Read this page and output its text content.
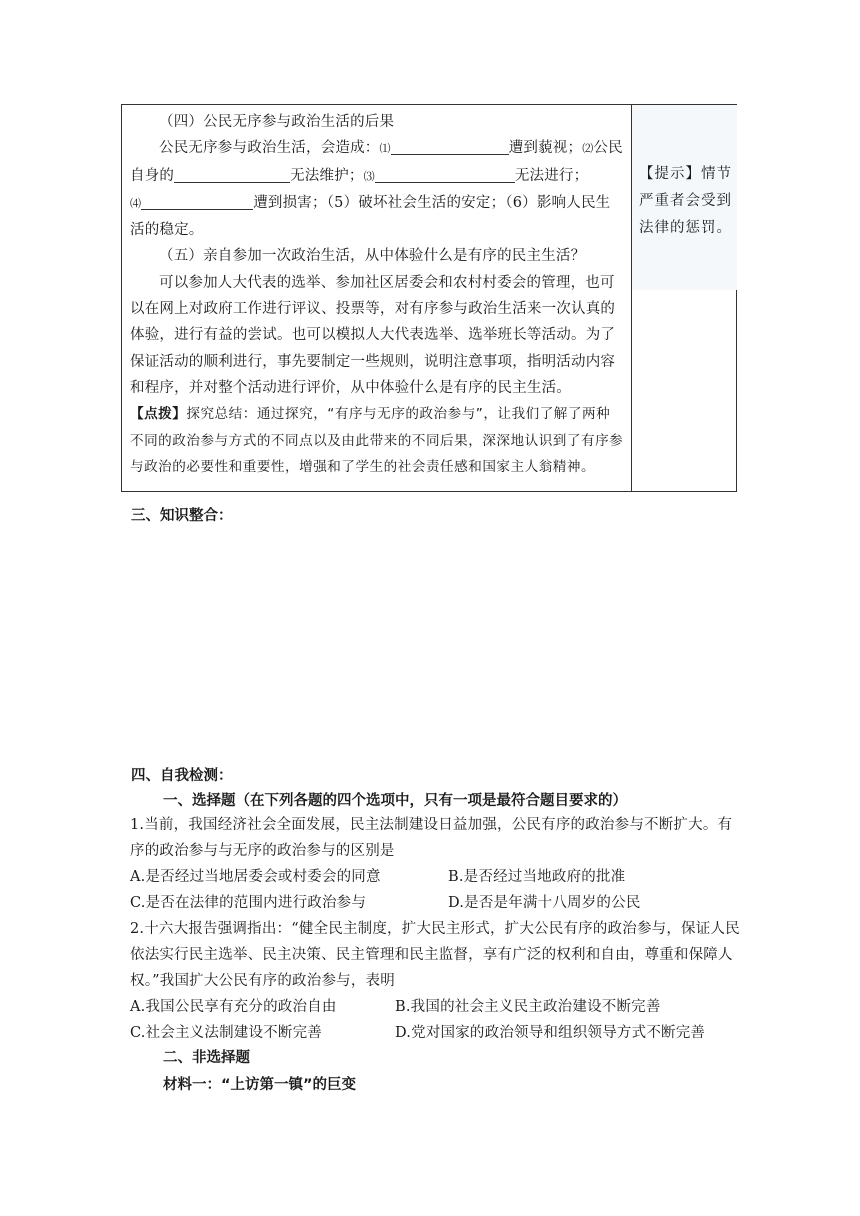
（四）公民无序参与政治生活的后果

公民无序参与政治生活，会造成：⑴	遭到藐视；⑵公民自身的	无法维护；⑶	无法进行；
⑷	遭到损害；（5）破坏社会生活的安定；（6）影响人民生活的稳定。

（五）亲自参加一次政治生活，从中体验什么是有序的民主生活？

可以参加人大代表的选举、参加社区居委会和农村村委会的管理，也可以在网上对政府工作进行评议、投票等，对有序参与政治生活来一次认真的体验，进行有益的尝试。也可以模拟人大代表选举、选举班长等活动。为了保证活动的顺利进行，事先要制定一些规则，说明注意事项，指明活动内容和程序，并对整个活动进行评价，从中体验什么是有序的民主生活。

【点拨】探究总结：通过探究，“有序与无序的政治参与”，让我们了解了两种不同的政治参与方式的不同点以及由此带来的不同后果，深深地认识到了有序参与政治的必要性和重要性，增强和了学生的社会责任感和国家主人翁精神。

【提示】情节严重者会受到法律的惩罚。
三、知识整合：
四、自我检测：
一、选择题（在下列各题的四个选项中，只有一项是最符合题目要求的）

1.当前，我国经济社会全面发展，民主法制建设日益加强，公民有序的政治参与不断扩大。有序的政治参与与无序的政治参与的区别是

A.是否经过当地居委会或村委会的同意	B.是否经过当地政府的批准
C.是否在法律的范围内进行政治参与	D.是否是年满十八周岁的公民

2.十六大报告强调指出：“健全民主制度，扩大民主形式，扩大公民有序的政治参与，保证人民依法实行民主选举、民主决策、民主管理和民主监督，享有广泛的权利和自由，尊重和保障人权。”我国扩大公民有序的政治参与，表明

A.我国公民享有充分的政治自由	B.我国的社会主义民主政治建设不断完善
C.社会主义法制建设不断完善	D.党对国家的政治领导和组织领导方式不断完善
二、非选择题
材料一：“上访第一镇”的巨变
